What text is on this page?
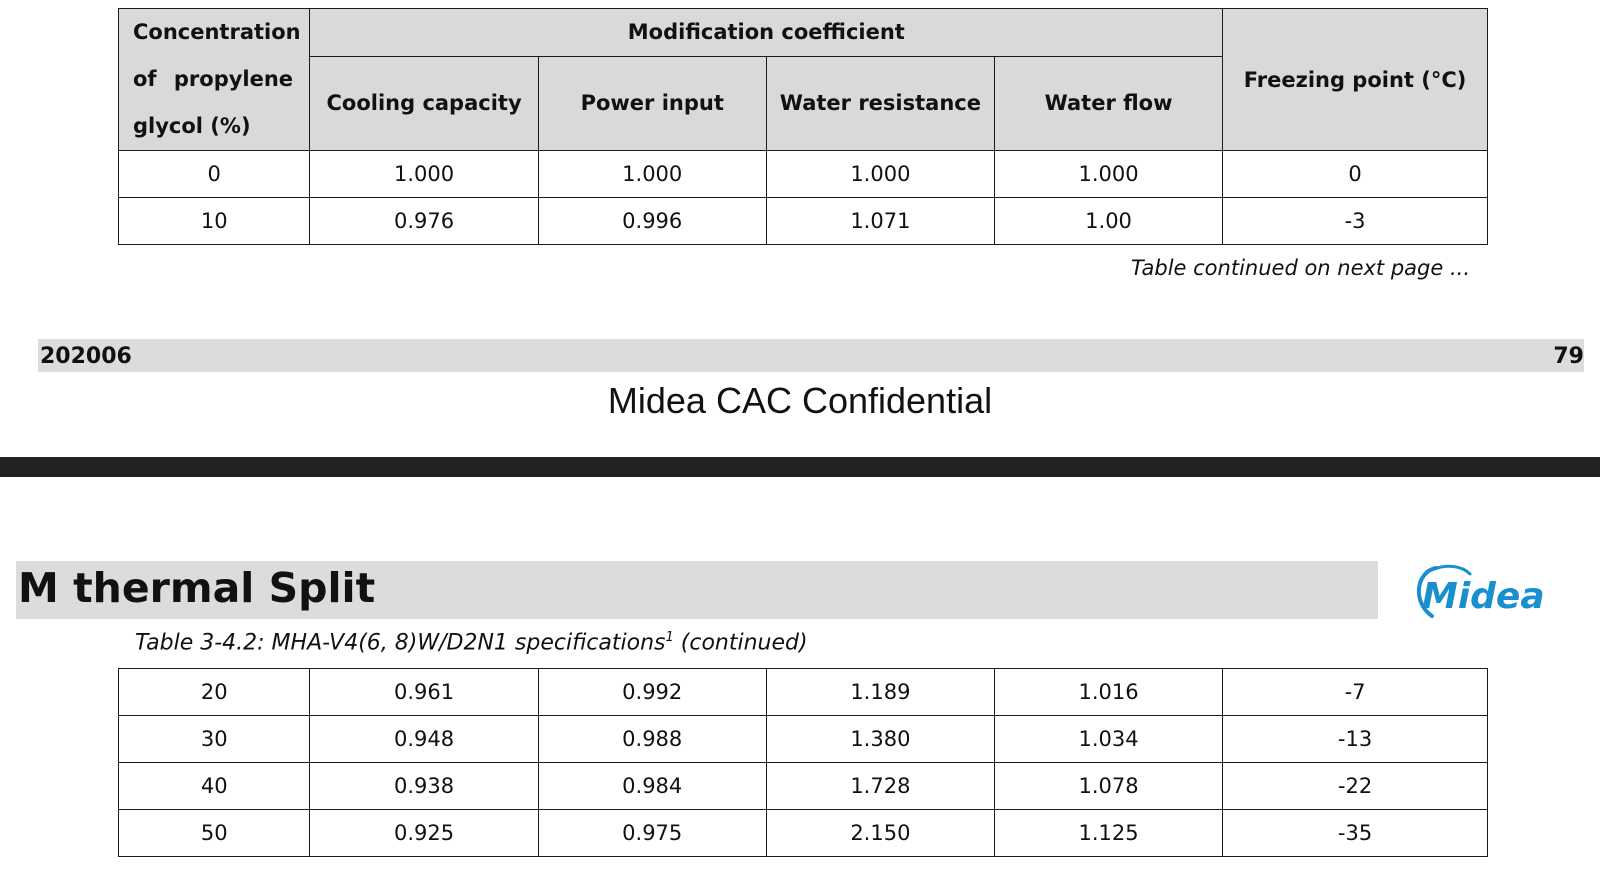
Concentration
of propylene
glycol (%)	Modification coefficient				Freezing point (°C)
	Cooling capacity	Power input	Water resistance	Water flow	
0	1.000	1.000	1.000	1.000	0
10	0.976	0.996	1.071	1.00	-3
Table continued on next page ...
202006	79
Midea CAC Confidential
M thermal Split	Midea
Table 3-4.2: MHA-V4(6, 8)W/D2N1 specifications$^1$ (continued)
20	0.961	0.992	1.189	1.016	-7
30	0.948	0.988	1.380	1.034	-13
40	0.938	0.984	1.728	1.078	-22
50	0.925	0.975	2.150	1.125	-35
